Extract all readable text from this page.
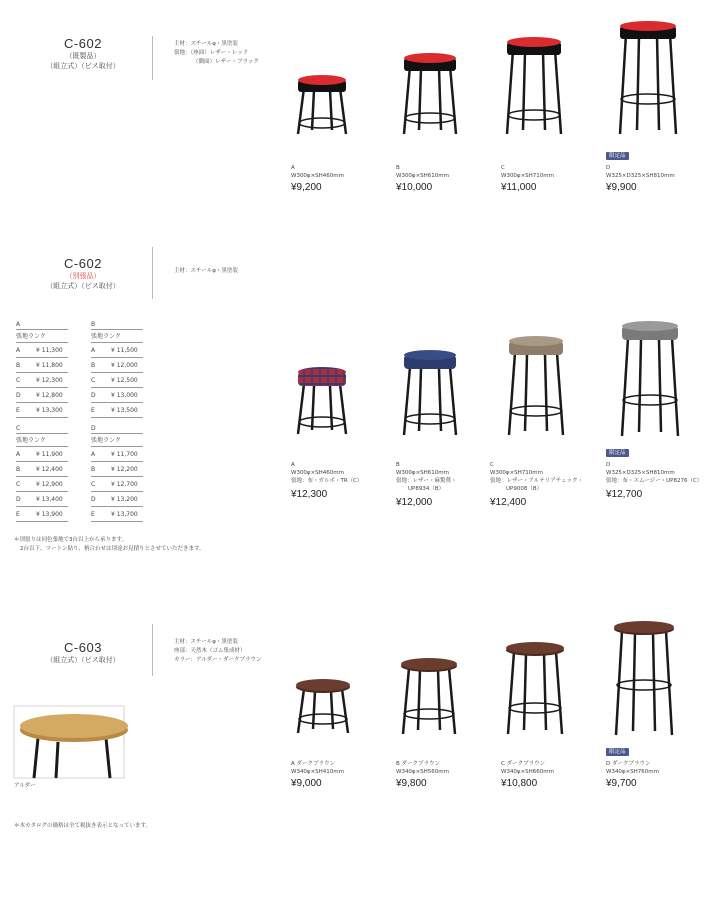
C-602
（既製品）
（組立式）（ビス取付）
主材：スチールφ・黒塗装
張地：（座面）レザー・レッド
（側面）レザー・ブラック
A
W300φ×SH460mm
¥9,200
B
W300φ×SH610mm
¥10,000
C
W300φ×SH710mm
¥11,000
限定品
D
W325×D325×SH810mm
¥9,900
C-602
（別張品）
（組立式）（ビス取付）
主材：スチールφ・黒塗装
A
張地ランク
A	¥ 11,300
B	¥ 11,800
C	¥ 12,300
D	¥ 12,800
E	¥ 13,300
B
張地ランク
A	¥ 11,500
B	¥ 12,000
C	¥ 12,500
D	¥ 13,000
E	¥ 13,500
C
張地ランク
A	¥ 11,900
B	¥ 12,400
C	¥ 12,900
D	¥ 13,400
E	¥ 13,900
D
張地ランク
A	¥ 11,700
B	¥ 12,200
C	¥ 12,700
D	¥ 13,200
E	¥ 13,700
＊別張りは同色張地で3台以上から承ります。
2台以下、ツートン貼り、柄合わせは別途お見積りとさせていただきます。
A
W300φ×SH460mm
張地：布・ガルボ・TR（C）
¥12,300
B
W300φ×SH610mm
張地：レザー・麻驚鶯・
UP8934（B）
¥12,000
C
W300φ×SH710mm
張地：レザー・アルテリアチェック・
UP9008（B）
¥12,400
限定品
D
W325×D325×SH810mm
張地：布・スムージー・UP8276（C）
¥12,700
C-603
（組立式）（ビス取付）
主材：スチールφ・黒塗装
座部：天然木（ゴム集成材）
カラー：アルダー・ダークブラウン
アルダー
A ダークブラウン
W340φ×SH410mm
¥9,000
B ダークブラウン
W340φ×SH560mm
¥9,800
C ダークブラウン
W340φ×SH660mm
¥10,800
限定品
D ダークブラウン
W340φ×SH760mm
¥9,700
＊本カタログの価格は全て税抜き表示となっています。
